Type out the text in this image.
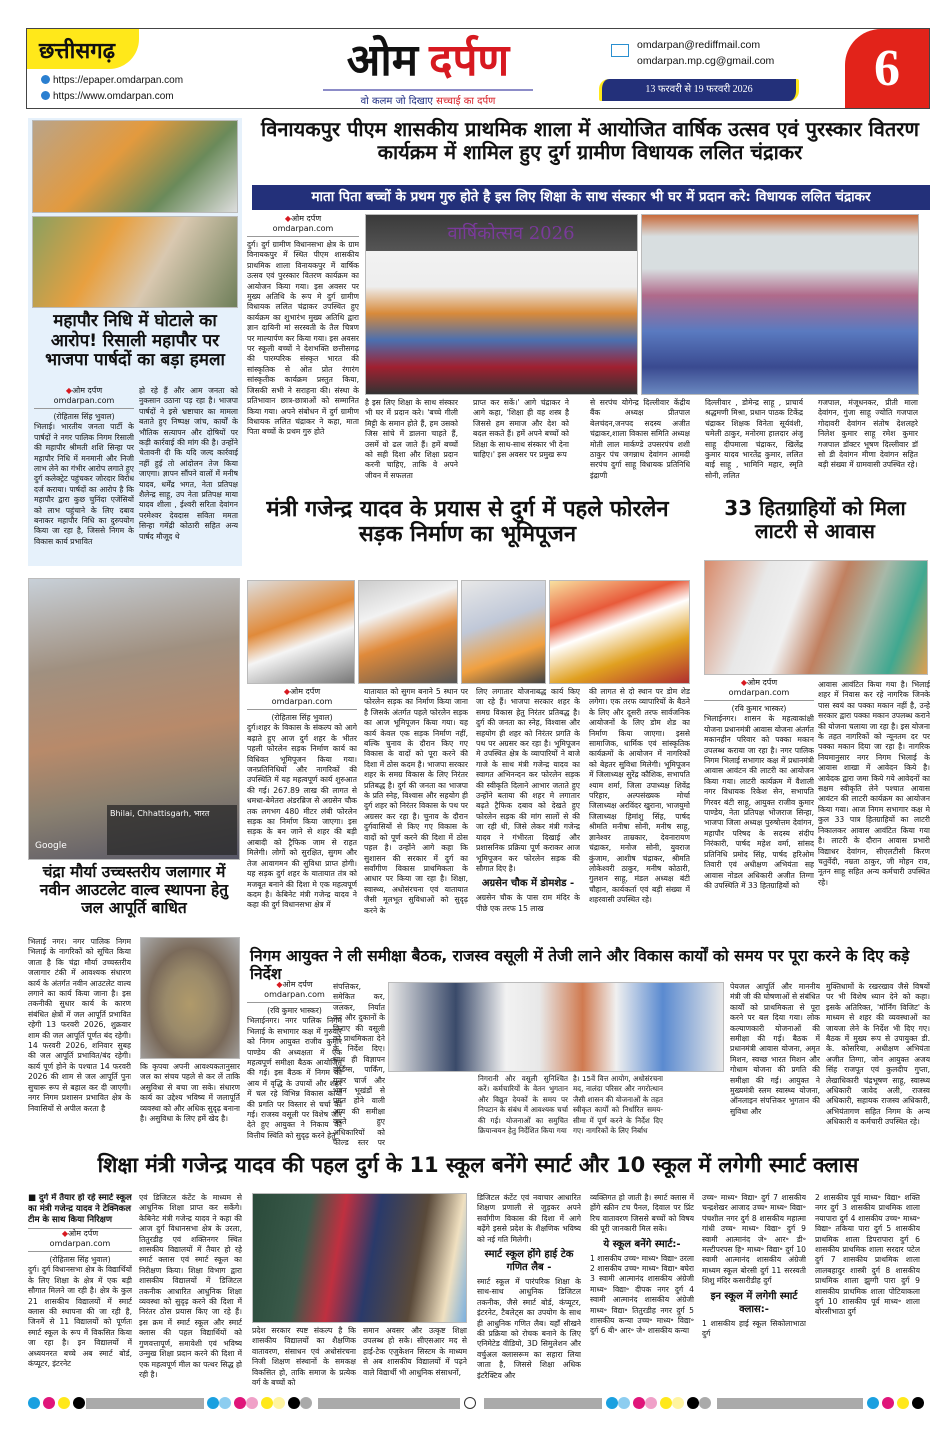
छत्तीसगढ़
https://epaper.omdarpan.com
https://www.omdarpan.com
ओम दर्पण
वो कलम जो दिखाए सच्चाई का दर्पण
omdarpan@rediffmail.com
omdarpan.mp.cg@gmail.com
13 फरवरी से 19 फरवरी 2026	6
महापौर निधि में घोटाले का आरोप! रिसाली महापौर पर भाजपा पार्षदों का बड़ा हमला
◆ओम दर्पण
omdarpan.com
(रोहितास सिंह भुवाल)
भिलाई। भारतीय जनता पार्टी के पार्षदों ने नगर पालिक निगम रिसाली की महापौर श्रीमती शशि सिन्हा पर महापौर निधि में मनमानी और निजी लाभ लेने का गंभीर आरोप लगाते हुए दुर्ग कलेक्ट्रेट पहुंचकर जोरदार विरोध दर्ज कराया। पार्षदों का आरोप है कि महापौर द्वारा कुछ चुनिंदा एजेंसियों को लाभ पहुंचाने के लिए दबाव बनाकर महापौर निधि का दुरुपयोग किया जा रहा है, जिससे निगम के विकास कार्य प्रभावित
हो रहे हैं और आम जनता को नुकसान उठाना पड़ रहा है। भाजपा पार्षदों ने इसे भ्रष्टाचार का मामला बताते हुए निष्पक्ष जांच, कार्यों के भौतिक सत्यापन और दोषियों पर कड़ी कार्रवाई की मांग की है। उन्होंने चेतावनी दी कि यदि जल्द कार्रवाई नहीं हुई तो आंदोलन तेज किया जाएगा। ज्ञापन सौंपने वालों में मनीष यादव, धर्मेंद्र भगत, नेता प्रतिपक्ष शैलेन्द्र साहू, उप नेता प्रतिपक्ष माया यादव शीला , ईश्वरी सरिता देवांगन परमेश्वर देवदास सविता ममता सिन्हा गमेंद्री कोठारी सहित अन्य पार्षद मौजूद थे
विनायकपुर पीएम शासकीय प्राथमिक शाला में आयोजित वार्षिक उत्सव एवं पुरस्कार वितरण कार्यक्रम में शामिल हुए दुर्ग ग्रामीण विधायक ललित चंद्राकर
माता पिता बच्चों के प्रथम गुरु होते है इस लिए शिक्षा के साथ संस्कार भी घर में प्रदान करे: विधायक ललित चंद्राकर
◆ओम दर्पण
omdarpan.com
दुर्ग। दुर्ग ग्रामीण विधानसभा क्षेत्र के ग्राम विनायकपुर में स्थित पीएम शासकीय प्राथमिक शाला विनायकपुर में वार्षिक उत्सव एवं पुरस्कार वितरण कार्यक्रम का आयोजन किया गया। इस अवसर पर मुख्य अतिथि के रूप मे दुर्ग ग्रामीण विधायक ललित चंद्राकर उपस्थित हुए कार्यक्रम का शुभारंभ मुख्य अतिथि द्वारा ज्ञान दायिनी मां सरस्वती के तैल चित्रण पर माल्यार्पण कर किया गया। इस अवसर पर स्कूली बच्चों ने देशभक्ति छत्तीसगढ़ की पारम्परिक संस्कृत भारत की सांस्कृतिक से ओत प्रोत रंगारंग सांस्कृतीक कार्यक्रम प्रस्तुत किया, जिसकी सभी ने सराहना की। संस्था के प्रतिभावान छात्र-छात्राओं को सम्मानित किया गया। अपने संबोधन में दुर्ग ग्रामीण विधायक ललित चंद्राकर ने कहा, माता पिता बच्चों के प्रथम गुरु होते
वार्षिकोत्सव 2026
है इस लिए शिक्षा के साथ संस्कार भी घर में प्रदान करे। 'बच्चे गीली मिट्टी के समान होते हैं, हम उसको जिस सांचे में डालना चाहते हैं, उसमें वो ढल जाते हैं। हमें बच्चों को सही दिशा और शिक्षा प्रदान करनी चाहिए, ताकि वे अपने जीवन में सफलता
प्राप्त कर सकें।' आगे चंद्राकर ने आगे कहा, 'शिक्षा ही वह शस्त्र है जिससे हम समाज और देश को बदल सकते हैं। हमें अपने बच्चों को शिक्षा के साथ-साथ संस्कार भी देना चाहिए।' इस अवसर पर प्रमुख रूप
से सरपंच योगेन्द्र दिल्लीवार केंद्रीय बैंक अध्यक्ष प्रीतपाल बेलचंदन,जनपद सदस्य अजीत चंद्राकर,शाला विकास समिति अध्यक्ष मोती लाल मार्कण्डे उपसरपंच शशी ठाकुर पंच जगन्नाथ देवांगन आमदी सरपंच दुर्गा साहू विधायक प्रतिनिधि इंद्राणी
दिल्लीवार , डोमेन्द्र साहू , प्राचार्य श्रद्धमणी मिश्रा, प्रधान पाठक टिकेंद्र चंद्राकर शिक्षक विनेता सूर्यवंशी, चमेली ठाकुर, मनोरमा हालदार अंजू साहू दीपमाला चंद्राकर, खिलेंद्र कुमार यादव भारतेंद्र कुमार, ललित बाई साहू , भामिनि महार, स्मृति सोनी, ललित
गजपाल, मंजूधनकर, प्रीती माला देवांगन, गुंजा साहू ज्योति गजपाल गोदावरी देवांगन संतोष देशलहरे निलेश कुमार साहू रमेश कुमार गजपाल डॉक्टर भूषण दिल्लीवार डॉ सो डी देवांगन मीणा देवांगन सहित बड़ी संख्या में ग्रामवासी उपस्थित रहे।
मंत्री गजेन्द्र यादव के प्रयास से दुर्ग में पहले फोरलेन सड़क निर्माण का भूमिपूजन
◆ओम दर्पण
omdarpan.com
(रोहितास सिंह भुवाल)
दुर्ग।शहर के विकास के संकल्प को आगे बढ़ाते हुए आज दुर्ग शहर के भीतर पहली फोरलेन सड़क निर्माण कार्य का विधिवत भूमिपूजन किया गया। जनप्रतिनिधियों और नागरिकों की उपस्थिति में यह महत्वपूर्ण कार्य शुरुआत की गई। 267.89 लाख की लागत से धमधा-बेमेतरा अंडरब्रिज से अग्रसेन चौक तक लगभग 480 मीटर लंबी फोरलेन सड़क का निर्माण किया जाएगा। इस सड़क के बन जाने से शहर की बड़ी आबादी को ट्रैफिक जाम से राहत मिलेगी। लोगों को सुरक्षित, सुगम और तेज आवागमन की सुविधा प्राप्त होगी। यह सड़क दुर्ग शहर के यातायात तंत्र को मजबूत बनाने की दिशा मे एक महत्वपूर्ण कदम है। केबिनेट मंत्री गजेन्द्र यादव ने कहा की दुर्ग विधानसभा क्षेत्र में
यातायात को सुगम बनाने 5 स्थान पर फोरलेन सड़क का निर्माण किया जाना है जिसके अंतर्गत पहले फोरलेन सड़क का आज भूमिपूजन किया गया। यह कार्य केवल एक सड़क निर्माण नहीं, बल्कि चुनाव के दौरान किए गए विकास के वादों को पूरा करने की दिशा में ठोस कदम है। भाजपा सरकार शहर के समग्र विकास के लिए निरंतर प्रतिबद्ध है। दुर्ग की जनता का भाजपा के प्रति स्नेह, विश्वास और सहयोग ही दुर्ग शहर को निरंतर विकास के पथ पर अग्रसर कर रहा है। चुनाव के दौरान दुर्गवासियों से किए गए विकास के वादों को पूर्ण करने की दिशा में ठोस पहल है। उन्होंने आगे कहा कि सुशासन की सरकार में दुर्ग का सर्वांगीण विकास प्राथमिकता के आधार पर किया जा रहा है। शिक्षा, स्वास्थ्य, अधोसंरचना एवं यातायात जैसी मूलभूत सुविधाओं को सुदृढ़ करने के
लिए लगातार योजनाबद्ध कार्य किए जा रहे हैं। भाजपा सरकार शहर के समग्र विकास हेतु निरंतर प्रतिबद्ध है। दुर्ग की जनता का स्नेह, विश्वास और सहयोग ही शहर को निरंतर प्रगति के पथ पर अग्रसर कर रहा है। भूमिपूजन मे उपस्थित क्षेत्र के व्यापारियों ने बाजे गाजे के साथ मंत्री गजेन्द्र यादव का स्वागत अभिनन्दन कर फोरलेन सड़क की स्वीकृति दिलाने आभार जताते हुए उन्होंने बताया की शहर मे लगातार बढ़ते ट्रैफिक दबाव को देखते हुए फोरलेन सड़क की मांग सालों से की जा रही थी, जिसे लेकर मंत्री गजेन्द्र यादव ने गंभीरता दिखाई और प्रशासनिक प्रक्रिया पूर्ण कराकर आज भूमिपूजन कर फोरलेन सड़क की सौगात दिए है।
अग्रसेन चौक में डोमशेड -
अग्रसेन चौक के पास राम मंदिर के पीछे एक तरफ 15 लाख
की लागत से दो स्थान पर डोम शेड लगेगा। एक तरफ व्यापारियों के बैठने के लिए और दूसरी तरफ सार्वजनिक आयोजनों के लिए डोम शेड का निर्माण किया जाएगा। इससे सामाजिक, धार्मिक एवं सांस्कृतिक कार्यक्रमों के आयोजन में नागरिकों को बेहतर सुविधा मिलेगी। भूमिपूजन में जिलाध्यक्ष सुरेंद्र कौशिक, सभापति श्याम शर्मा, जिला उपाध्यक्ष शिवेंद्र परिहार, अल्पसंख्यक मोर्चा जिलाध्यक्ष अरविंदर खुराना, भाजयुमो जिलाध्यक्ष हिमांशु सिंह, पार्षद श्रीमति मनीषा सोनी, मनीष साहू, ज्ञानेश्वर ताम्रकार, देवनारायण चंद्राकर, मनोज सोनी, युवराज कुंजाम, आशीष चंद्राकर, श्रीमति लोकेश्वरी ठाकुर, मनीष कोठारी, गुलशन साहू, मंडल अध्यक्ष बंटी चौहान, कार्यकर्ता एवं बड़ी संख्या में शहरवासी उपस्थित रहे।
33 हितग्राहियों को मिला लाटरी से आवास
◆ओम दर्पण
omdarpan.com
(रवि कुमार भास्कर)
भिलाईनगर। शासन के महत्वाकांक्षी योजना प्रधानमंत्री आवास योजना अंतर्गत मकानहीन परिवार को पक्का मकान उपलब्ध कराया जा रहा है। नगर पालिक निगम भिलाई सभागार कक्ष में प्रधानमंत्री आवास आवंटन की लाटरी का आयोजन किया गया। लाटरी कार्यक्रम में वैशाली नगर विधायक रिकेश सेन, सभापति गिरवर बंटी साहू, आयुक्त राजीव कुमार पाण्डेय, नेता प्रतिपक्ष भोजराज सिन्हा, भाजपा जिला अध्यक्ष पुरुषोत्तम देवांगन, महापौर परिषद के सदस्य संदीप निरंकारी, पार्षद महेश वर्मा, सांसद प्रतिनिधि प्रमोद सिंह, पार्षद हरिओम तिवारी एवं अधीक्षण अभियंता सह आवास नोडल अधिकारी अजीत तिग्गा की उपस्थिति में 33 हितग्राहियों को
आवास आवंटित किया गया है। भिलाई शहर में निवास कर रहे नागरिक जिनके पास स्वयं का पक्का मकान नहीं है, उन्हे सरकार द्वारा पक्का मकान उपलब्ध कराने की योजना चलाया जा रहा है। इस योजना के तहत नागरिकों को न्यूनतम दर पर पक्का मकान दिया जा रहा है। नागरिक नियमानुसार नगर निगम भिलाई के आवास शाखा में आवेदन किये है। आवेदक द्वारा जमा किये गये आवेदनों का सक्षम स्वीकृति लेने पश्चात आवास आवंटन की लाटरी कार्यक्रम का आयोजन किया गया। आज निगम सभागार कक्ष मे कुल 33 पात्र हितग्राहियों का लाटरी निकालकर आवास आवंटित किया गया है। लाटरी के दौरान आवास प्रभारी विद्याधर देवांगन, सीएलटीसी किरण चतुर्वेदी, नम्रता ठाकुर, जी मोहन राव, नूतन साहू सहित अन्य कर्मचारी उपस्थित रहे।
Bhilai, Chhattisgarh, भारत
Google
चंद्रा मौर्या उच्चस्तरीय जलागार में नवीन आउटलेट वाल्व स्थापना हेतु जल आपूर्ति बाधित
भिलाई नगर। नगर पालिक निगम भिलाई के नागरिकों को सूचित किया जाता है कि चंद्रा मौर्या उच्चस्तरीय जलागार टंकी में आवश्यक संधारण कार्य के अंतर्गत नवीन आउटलेट वाल्व लगाने का कार्य किया जाना है। इस तकनीकी सुधार कार्य के कारण संबंधित क्षेत्रों में जल आपूर्ति प्रभावित रहेगी 13 फरवरी 2026, शुक्रवार शाम की जल आपूर्ति पूर्णत बंद रहेगी। 14 फरवरी 2026, शनिवार सुबह की जल आपूर्ति प्रभावित/बंद रहेगी। कार्य पूर्ण होने के पश्चात 14 फरवरी 2026 की शाम से जल आपूर्ति पुनः सुचारू रूप से बहाल कर दी जाएगी। नगर निगम प्रशासन प्रभावित क्षेत्र के निवासियों से अपील करता है
कि कृपया अपनी आवश्यकतानुसार जल का संचय पहले से कर लें ताकि असुविधा से बचा जा सके। संधारण कार्य का उद्देश्य भविष्य में जलापूर्ति व्यवस्था को और अधिक सुदृढ़ बनाना है। असुविधा के लिए हमें खेद है।
निगम आयुक्त ने ली समीक्षा बैठक, राजस्व वसूली में तेजी लाने और विकास कार्यों को समय पर पूरा करने के दिए कड़े निर्देश
◆ओम दर्पण
omdarpan.com
(रवि कुमार भास्कर)
भिलाईनगर। नगर पालिक निगम भिलाई के सभागार कक्ष में गुरुवार को निगम आयुक्त राजीव कुमार पाण्डेय की अध्यक्षता में एक महत्वपूर्ण समीक्षा बैठक आयोजित की गई। इस बैठक में निगम की आय में वृद्धि के उपायों और शहर में चल रहे विभिन्न विकास कार्यों की प्रगति पर विस्तार से चर्चा की गई। राजस्व वसूली पर विशेष जोर देते हुए आयुक्त ने निकाय की वित्तीय स्थिति को सुदृढ़ करने हेतु
संपत्तिकर, समेकित कर, जलकर, निर्यात कर और दुकानों के किराए की वसूली को प्राथमिकता देने के निर्देश दिए। साथ ही विज्ञापन होर्डिंग्स, पार्किंग, यूजर चार्ज और भवन भूखंडों से प्राप्त होने वाली आय की समीक्षा करते हुए अधिकारियों को फील्ड स्तर पर
निगरानी और वसूली सुनिश्चित करें। कर्मचारियों के वेतन भुगतान और विद्युत देयकों के समय पर निपटान के संबंध में आवश्यक चर्चा की गई। योजनाओं का समुचित क्रियान्वयन हेतु निर्देशित किया गया
है। 15वें वित्त आयोग, अधोसंरचना मद, नालंदा परिसर और नगरोत्थान जैसी शासन की योजनाओं के तहत स्वीकृत कार्यों को निर्धारित समय-सीमा में पूर्ण करने के निर्देश दिए गए। नागरिकों के लिए निर्बाध
पेयजल आपूर्ति और माननीय मंत्री जी की घोषणाओं से संबंधित कार्यों को प्राथमिकता से पूरा करने पर बल दिया गया। लोक कल्याणकारी योजनाओं की समीक्षा की गई। बैठक में प्रधानमंत्री आवास योजना, अमृत मिशन, स्वच्छ भारत मिशन और गोधाम योजना की प्रगति की समीक्षा की गई। आयुक्त ने मुख्यमंत्री स्लम स्वास्थ्य योजना, ऑनलाइन संपत्तिकर भुगतान की सुविधा और
मुक्तिधामों के रखरखाव जैसे विषयों पर भी विशेष ध्यान देने को कहा। इसके अतिरिक्त, 'मॉर्निंग विजिट' के माध्यम से शहर की व्यवस्थाओं का जायजा लेने के निर्देश भी दिए गए। बैठक में मुख्य रूप से उपायुक्त डी. के. कोसरिया, अधीक्षण अभियंता अजीत तिग्गा, जोन आयुक्त अजय सिंह राजपूत एवं कुलदीप गुप्ता, लेखाधिकारी चंद्रभूषण साहू, स्वास्थ्य अधिकारी जावेद अली, राजस्व अधिकारी, सहायक राजस्व अधिकारी, अभियंतागण सहित निगम के अन्य अधिकारी व कर्मचारी उपस्थित रहे।
शिक्षा मंत्री गजेन्द्र यादव की पहल दुर्ग के 11 स्कूल बनेंगे स्मार्ट और 10 स्कूल में लगेगी स्मार्ट क्लास
■ दुर्ग में तैयार हो रहे स्मार्ट स्कूल का मंत्री गजेन्द्र यादव ने टेक्निकल टीम के साथ किया निरिक्षण
◆ओम दर्पण
omdarpan.com
(रोहितास सिंह भुवाल)
दुर्ग। दुर्ग विधानसभा क्षेत्र के विद्यार्थियों के लिए शिक्षा के क्षेत्र में एक बड़ी सौगात मिलने जा रही है। क्षेत्र के कुल 21 शासकीय विद्यालयों में स्मार्ट क्लास की स्थापना की जा रही है, जिनमें से 11 विद्यालयों को पूर्णतः स्मार्ट स्कूल के रूप में विकसित किया जा रहा है। इन विद्यालयों में अध्ययनरत बच्चे अब स्मार्ट बोर्ड, कंप्यूटर, इंटरनेट
एवं डिजिटल कंटेंट के माध्यम से आधुनिक शिक्षा प्राप्त कर सकेंगे। केबिनेट मंत्री गजेन्द्र यादव ने कहा की आज दुर्ग विधानसभा क्षेत्र के उरला, तितुरडीह एवं शक्तिनगर स्थित शासकीय विद्यालयों में तैयार हो रहे स्मार्ट क्लास एवं स्मार्ट स्कूल का निरीक्षण किया। शिक्षा विभाग द्वारा शासकीय विद्यालयों में डिजिटल तकनीक आधारित आधुनिक शिक्षा व्यवस्था को सुदृढ़ करने की दिशा में निरंतर ठोस प्रयास किए जा रहे हैं। इस क्रम में स्मार्ट स्कूल और स्मार्ट क्लास की पहल विद्यार्थियों को गुणवत्तापूर्ण, समावेशी एवं भविष्य उन्मुख शिक्षा प्रदान करने की दिशा में एक महत्वपूर्ण मील का पत्थर सिद्ध हो रही है।
प्रदेश सरकार स्पष्ट संकल्प है कि शासकीय विद्यालयों का शैक्षणिक वातावरण, संसाधन एवं अधोसंरचना निजी शिक्षण संस्थानों के समकक्ष विकसित हो, ताकि समाज के प्रत्येक वर्ग के बच्चों को
समान अवसर और उत्कृष्ट शिक्षा उपलब्ध हो सके। सीएसआर मद से हाई-टेक एजुकेशन सिस्टम के माध्यम से अब शासकीय विद्यालयों में पढ़ने वाले विद्यार्थी भी आधुनिक संसाधनों,
डिजिटल कंटेंट एवं नवाचार आधारित शिक्षण प्रणाली से जुड़कर अपने सर्वांगीण विकास की दिशा में आगे बढ़ेंगे इससे प्रदेश के शैक्षणिक भविष्य को नई गति मिलेगी।
स्मार्ट स्कूल होंगे हाई टेक गणित लैब -
स्मार्ट स्कूल में पारंपरिक शिक्षा के साथ-साथ आधुनिक डिजिटल तकनीक, जैसे स्मार्ट बोर्ड, कंप्यूटर, इंटरनेट, टैबलेट्स का उपयोग के साथ ही आधुनिक गणित लैब। यहाँ सीखने की प्रक्रिया को रोचक बनाने के लिए एनिमेटेड वीडियो, 3D सिमुलेशन और वर्चुअल क्लासरूम का सहारा लिया जाता है, जिससे शिक्षा अधिक इंटरैक्टिव और
व्यक्तिगत हो जाती है। स्मार्ट क्लास में होंगे स्क्रीन टच पैनल, दिवाल पर प्रिंट रिच वातावरण जिससे बच्चों को विषय की पूरी जानकारी मिल सके।
ये स्कूल बनेंगे स्मार्ट:-
1 शासकीय उच्च॰ माध्य॰ विद्या॰ उरला 2 शासकीय उच्च॰ माध्य॰ विद्या॰ बघेरा 3 स्वामी आत्मानंद शासकीय अंग्रेजी माध्य॰ विद्या॰ दीपक नगर दुर्ग 4 स्वामी आत्मानंद शासकीय अंग्रेजी माध्य॰ विद्या॰ तितुरडीह नगर दुर्ग 5 शासकीय कन्या उच्च॰ माध्य॰ विद्या॰ दुर्ग 6 बी॰ आर॰ जे॰ शासकीय कन्या
उच्च॰ माध्य॰ विद्या॰ दुर्ग 7 शासकीय चन्द्रशेखर आजाद उच्च॰ माध्य॰ विद्या॰ पंचशील नगर दुर्ग 8 शासकीय महात्मा गांधी उच्च॰ माध्य॰ विद्या॰ दुर्ग 9 स्वामी आत्मानंद जे॰ आर॰ डी॰ मल्टीपरपस हि॰ माध्य॰ विद्या॰ दुर्ग 10 स्वामी आत्मानंद शासकीय अंग्रेजी माध्यम स्कूल बोरसी दुर्ग 11 सरस्वती शिशु मंदिर कसारीडीह दुर्ग
इन स्कूल में लगेगी स्मार्ट क्लास:-
1 शासकीय हाई स्कूल सिकोलाभाठा दुर्ग
2 शासकीय पूर्व माध्य॰ विद्या॰ शक्ति नगर दुर्ग 3 शासकीय प्राथमिक शाला नयापारा दुर्ग 4 शासकीय उच्च॰ माध्य॰ विद्या॰ तकिया पारा दुर्ग 5 शासकीय प्राथमिक शाला डिपरापारा दुर्ग 6 शासकीय प्राथमिक शाला सरदार पटेल दुर्ग 7 शासकीय प्राथमिक शाला लालबहादुर शास्त्री दुर्ग 8 शासकीय प्राथमिक शाला झुग्गी पारा दुर्ग 9 शासकीय प्राथमिक शाला पोटियाकला दुर्ग 10 शासकीय पूर्व माध्य॰ शाला बोरसीभाठा दुर्ग
